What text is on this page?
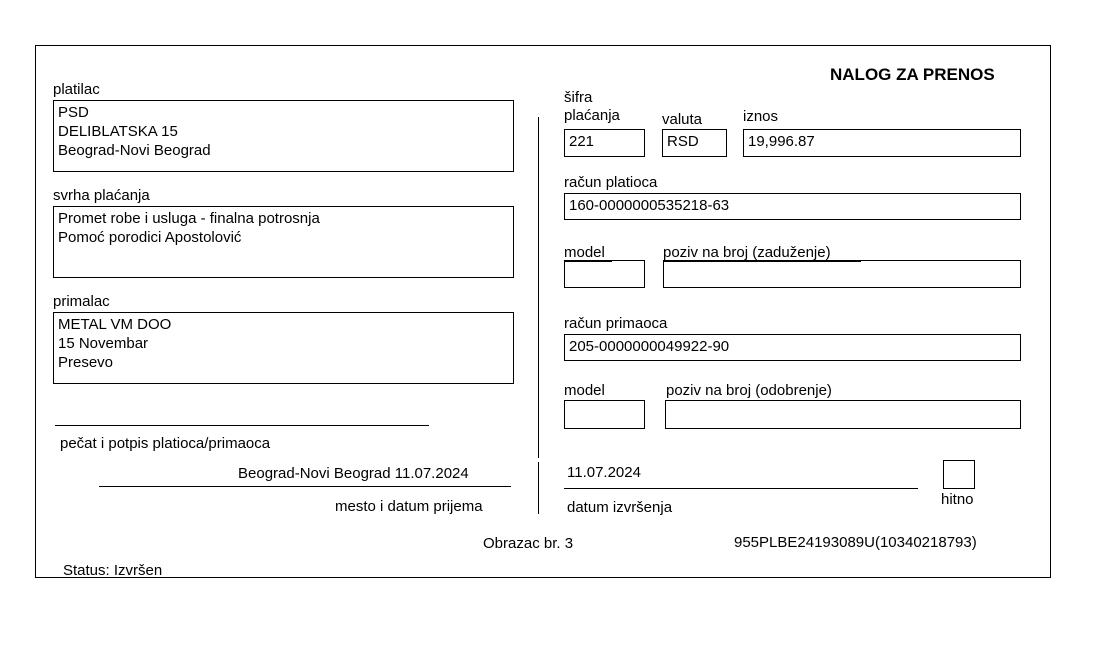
NALOG ZA PRENOS
platilac
PSD
DELIBLATSKA 15
Beograd-Novi Beograd
svrha plaćanja
Promet robe i usluga - finalna potrosnja
Pomoć porodici Apostolović
primalac
METAL VM DOO
15 Novembar
Presevo
pečat i potpis platioca/primaoca
Beograd-Novi Beograd 11.07.2024
mesto i datum prijema
šifra
plaćanja
221
valuta
RSD
iznos
19,996.87
račun platioca
160-0000000535218-63
model	poziv na broj (zaduženje)
račun primaoca
205-0000000049922-90
model	poziv na broj (odobrenje)
11.07.2024
datum izvršenja	hitno
Obrazac br. 3	955PLBE24193089U(10340218793)
Status: Izvršen
